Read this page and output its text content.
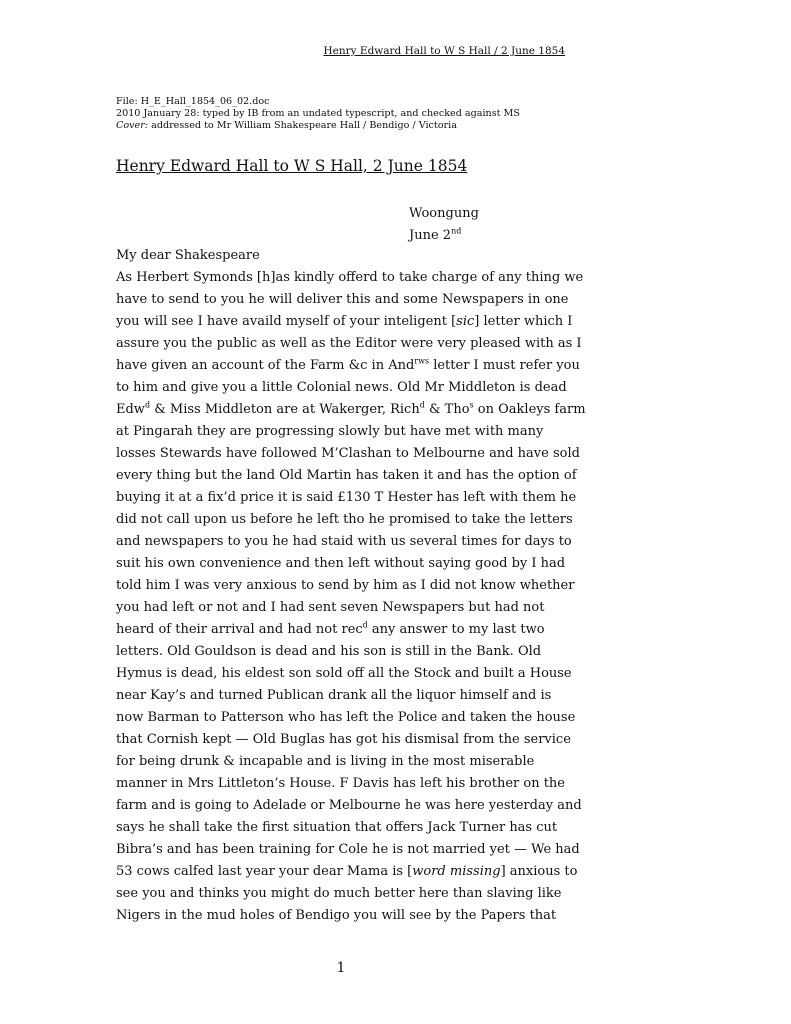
Henry Edward Hall to W S Hall / 2 June 1854
File: H_E_Hall_1854_06_02.doc
2010 January 28: typed by IB from an undated typescript, and checked against MS
Cover: addressed to Mr William Shakespeare Hall / Bendigo / Victoria
Henry Edward Hall to W S Hall, 2 June 1854
Woongung
June 2nd
My dear Shakespeare
As Herbert Symonds [h]as kindly offerd to take charge of any thing we
have to send to you he will deliver this and some Newspapers in one
you will see I have availd myself of your inteligent [sic] letter which I
assure you the public as well as the Editor were very pleased with as I
have given an account of the Farm &c in And$^{rws}$ letter I must refer you
to him and give you a little Colonial news. Old Mr Middleton is dead
Edw$^d$ & Miss Middleton are at Wakerger, Rich$^d$ & Tho$^s$ on Oakleys farm
at Pingarah they are progressing slowly but have met with many
losses Stewards have followed M’Clashan to Melbourne and have sold
every thing but the land Old Martin has taken it and has the option of
buying it at a fix’d price it is said £130 T Hester has left with them he
did not call upon us before he left tho he promised to take the letters
and newspapers to you he had staid with us several times for days to
suit his own convenience and then left without saying good by I had
told him I was very anxious to send by him as I did not know whether
you had left or not and I had sent seven Newspapers but had not
heard of their arrival and had not rec$^d$ any answer to my last two
letters. Old Gouldson is dead and his son is still in the Bank. Old
Hymus is dead, his eldest son sold off all the Stock and built a House
near Kay’s and turned Publican drank all the liquor himself and is
now Barman to Patterson who has left the Police and taken the house
that Cornish kept — Old Buglas has got his dismisal from the service
for being drunk & incapable and is living in the most miserable
manner in Mrs Littleton’s House. F Davis has left his brother on the
farm and is going to Adelade or Melbourne he was here yesterday and
says he shall take the first situation that offers Jack Turner has cut
Bibra’s and has been training for Cole he is not married yet — We had
53 cows calfed last year your dear Mama is [word missing] anxious to
see you and thinks you might do much better here than slaving like
Nigers in the mud holes of Bendigo you will see by the Papers that
1
